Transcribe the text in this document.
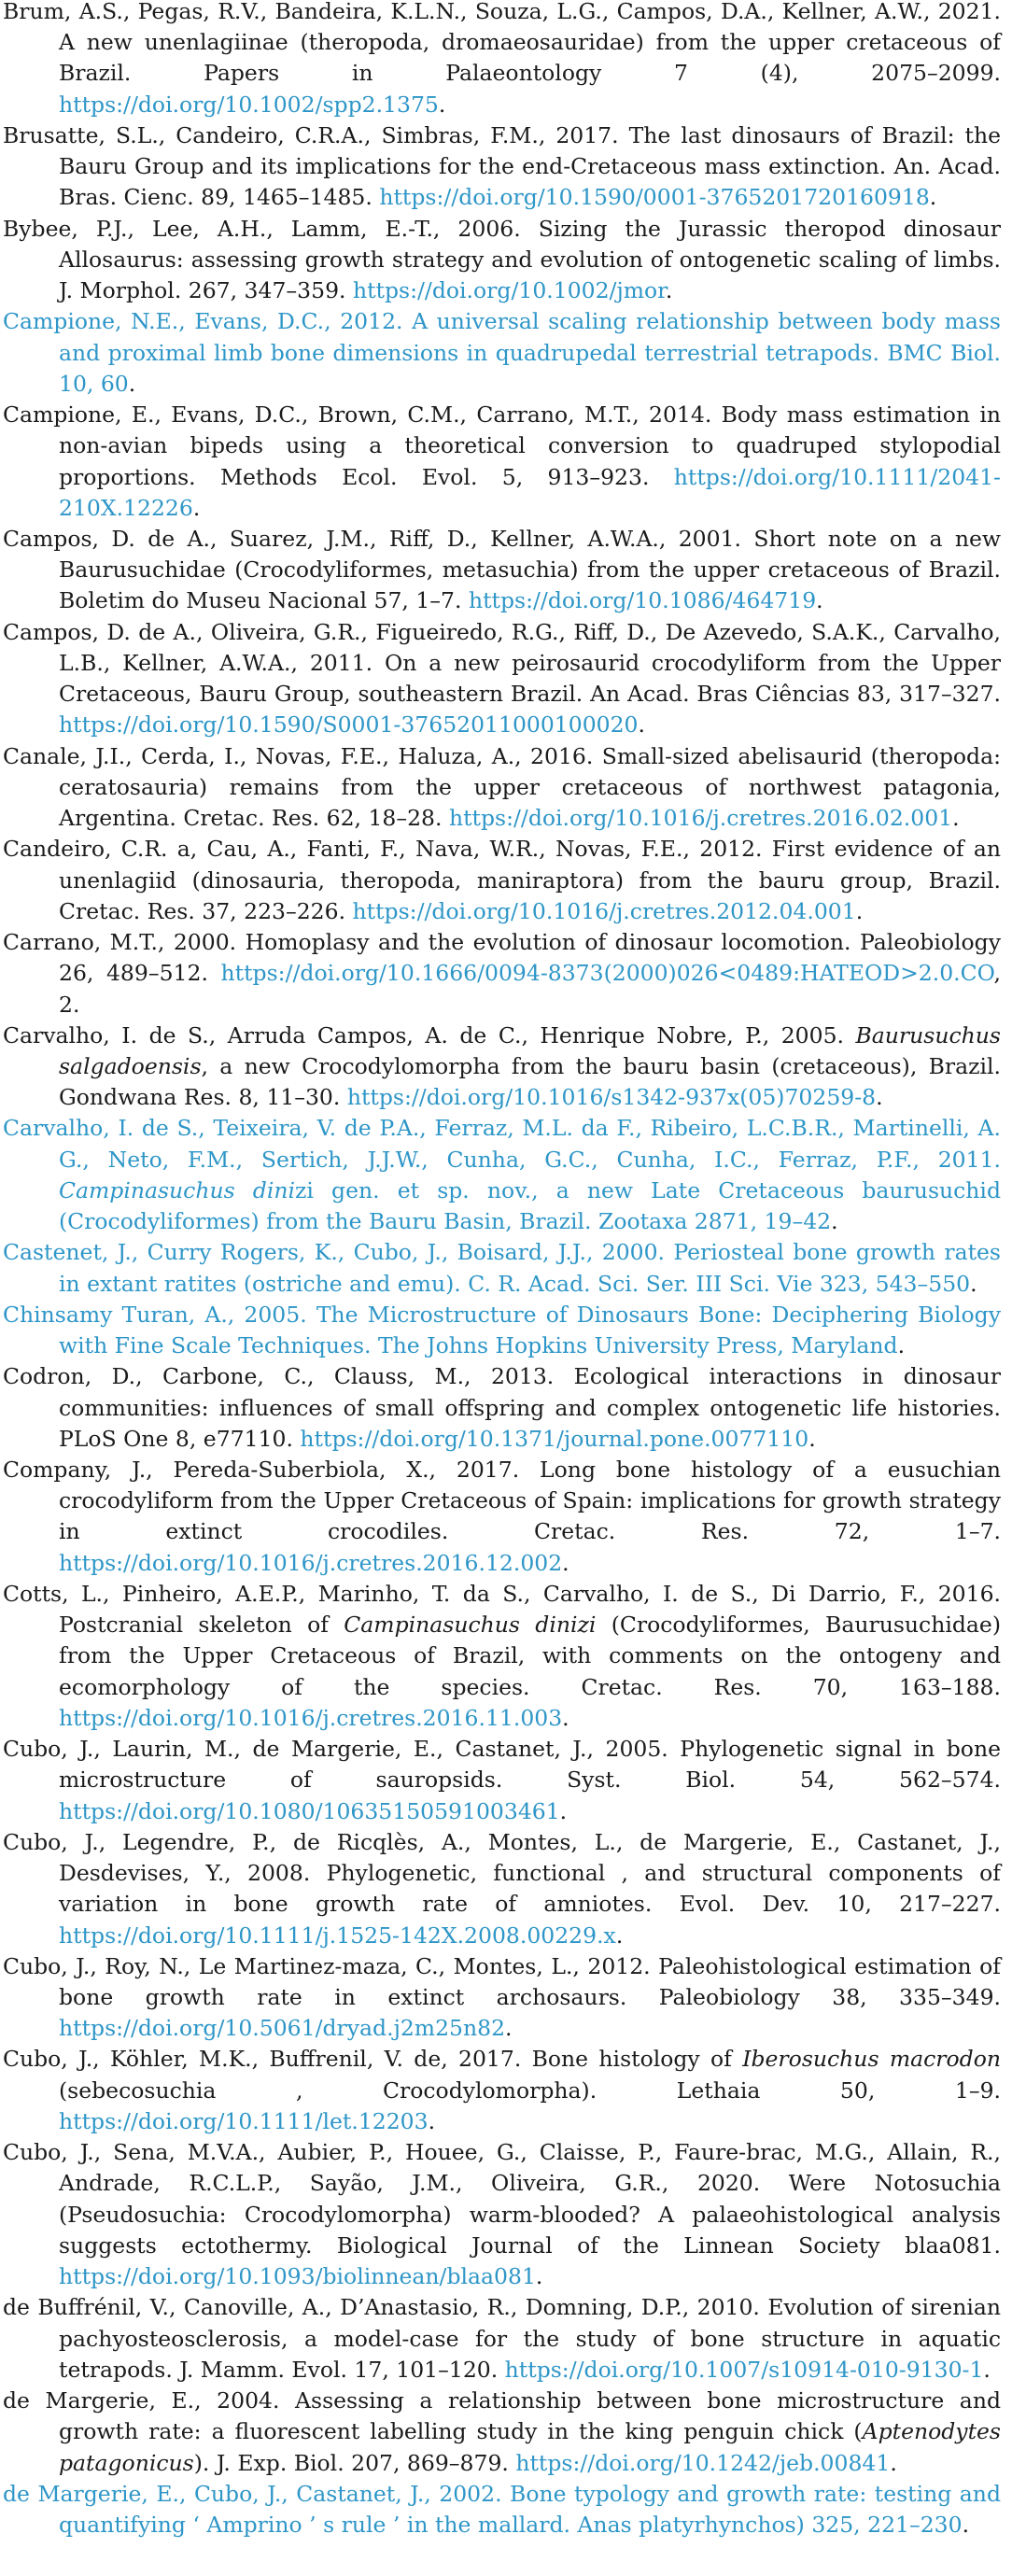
Brum, A.S., Pegas, R.V., Bandeira, K.L.N., Souza, L.G., Campos, D.A., Kellner, A.W., 2021. A new unenlagiinae (theropoda, dromaeosauridae) from the upper cretaceous of Brazil. Papers in Palaeontology 7 (4), 2075–2099. https://doi.org/10.1002/spp2.1375.

Brusatte, S.L., Candeiro, C.R.A., Simbras, F.M., 2017. The last dinosaurs of Brazil: the Bauru Group and its implications for the end-Cretaceous mass extinction. An. Acad. Bras. Cienc. 89, 1465–1485. https://doi.org/10.1590/0001-3765201720160918.

Bybee, P.J., Lee, A.H., Lamm, E.-T., 2006. Sizing the Jurassic theropod dinosaur Allosaurus: assessing growth strategy and evolution of ontogenetic scaling of limbs. J. Morphol. 267, 347–359. https://doi.org/10.1002/jmor.

Campione, N.E., Evans, D.C., 2012. A universal scaling relationship between body mass and proximal limb bone dimensions in quadrupedal terrestrial tetrapods. BMC Biol. 10, 60.

Campione, E., Evans, D.C., Brown, C.M., Carrano, M.T., 2014. Body mass estimation in non-avian bipeds using a theoretical conversion to quadruped stylopodial proportions. Methods Ecol. Evol. 5, 913–923. https://doi.org/10.1111/2041-210X.12226.

Campos, D. de A., Suarez, J.M., Riff, D., Kellner, A.W.A., 2001. Short note on a new Baurusuchidae (Crocodyliformes, metasuchia) from the upper cretaceous of Brazil. Boletim do Museu Nacional 57, 1–7. https://doi.org/10.1086/464719.

Campos, D. de A., Oliveira, G.R., Figueiredo, R.G., Riff, D., De Azevedo, S.A.K., Carvalho, L.B., Kellner, A.W.A., 2011. On a new peirosaurid crocodyliform from the Upper Cretaceous, Bauru Group, southeastern Brazil. An Acad. Bras Ciências 83, 317–327. https://doi.org/10.1590/S0001-37652011000100020.

Canale, J.I., Cerda, I., Novas, F.E., Haluza, A., 2016. Small-sized abelisaurid (theropoda: ceratosauria) remains from the upper cretaceous of northwest patagonia, Argentina. Cretac. Res. 62, 18–28. https://doi.org/10.1016/j.cretres.2016.02.001.

Candeiro, C.R. a, Cau, A., Fanti, F., Nava, W.R., Novas, F.E., 2012. First evidence of an unenlagiid (dinosauria, theropoda, maniraptora) from the bauru group, Brazil. Cretac. Res. 37, 223–226. https://doi.org/10.1016/j.cretres.2012.04.001.

Carrano, M.T., 2000. Homoplasy and the evolution of dinosaur locomotion. Paleobiology 26, 489–512. https://doi.org/10.1666/0094-8373(2000)026<0489:HATEOD>2.0.CO, 2.

Carvalho, I. de S., Arruda Campos, A. de C., Henrique Nobre, P., 2005. Baurusuchus salgadoensis, a new Crocodylomorpha from the bauru basin (cretaceous), Brazil. Gondwana Res. 8, 11–30. https://doi.org/10.1016/s1342-937x(05)70259-8.

Carvalho, I. de S., Teixeira, V. de P.A., Ferraz, M.L. da F., Ribeiro, L.C.B.R., Martinelli, A. G., Neto, F.M., Sertich, J.J.W., Cunha, G.C., Cunha, I.C., Ferraz, P.F., 2011. Campinasuchus dinizi gen. et sp. nov., a new Late Cretaceous baurusuchid (Crocodyliformes) from the Bauru Basin, Brazil. Zootaxa 2871, 19–42.

Castenet, J., Curry Rogers, K., Cubo, J., Boisard, J.J., 2000. Periosteal bone growth rates in extant ratites (ostriche and emu). C. R. Acad. Sci. Ser. III Sci. Vie 323, 543–550.

Chinsamy Turan, A., 2005. The Microstructure of Dinosaurs Bone: Deciphering Biology with Fine Scale Techniques. The Johns Hopkins University Press, Maryland.

Codron, D., Carbone, C., Clauss, M., 2013. Ecological interactions in dinosaur communities: influences of small offspring and complex ontogenetic life histories. PLoS One 8, e77110. https://doi.org/10.1371/journal.pone.0077110.

Company, J., Pereda-Suberbiola, X., 2017. Long bone histology of a eusuchian crocodyliform from the Upper Cretaceous of Spain: implications for growth strategy in extinct crocodiles. Cretac. Res. 72, 1–7. https://doi.org/10.1016/j.cretres.2016.12.002.

Cotts, L., Pinheiro, A.E.P., Marinho, T. da S., Carvalho, I. de S., Di Darrio, F., 2016. Postcranial skeleton of Campinasuchus dinizi (Crocodyliformes, Baurusuchidae) from the Upper Cretaceous of Brazil, with comments on the ontogeny and ecomorphology of the species. Cretac. Res. 70, 163–188. https://doi.org/10.1016/j.cretres.2016.11.003.

Cubo, J., Laurin, M., de Margerie, E., Castanet, J., 2005. Phylogenetic signal in bone microstructure of sauropsids. Syst. Biol. 54, 562–574. https://doi.org/10.1080/10635150591003461.

Cubo, J., Legendre, P., de Ricqlès, A., Montes, L., de Margerie, E., Castanet, J., Desdevises, Y., 2008. Phylogenetic, functional , and structural components of variation in bone growth rate of amniotes. Evol. Dev. 10, 217–227. https://doi.org/10.1111/j.1525-142X.2008.00229.x.

Cubo, J., Roy, N., Le Martinez-maza, C., Montes, L., 2012. Paleohistological estimation of bone growth rate in extinct archosaurs. Paleobiology 38, 335–349. https://doi.org/10.5061/dryad.j2m25n82.

Cubo, J., Köhler, M.K., Buffrenil, V. de, 2017. Bone histology of Iberosuchus macrodon (sebecosuchia , Crocodylomorpha). Lethaia 50, 1–9. https://doi.org/10.1111/let.12203.

Cubo, J., Sena, M.V.A., Aubier, P., Houee, G., Claisse, P., Faure-brac, M.G., Allain, R., Andrade, R.C.L.P., Sayão, J.M., Oliveira, G.R., 2020. Were Notosuchia (Pseudosuchia: Crocodylomorpha) warm-blooded? A palaeohistological analysis suggests ectothermy. Biological Journal of the Linnean Society blaa081. https://doi.org/10.1093/biolinnean/blaa081.

de Buffrénil, V., Canoville, A., D’Anastasio, R., Domning, D.P., 2010. Evolution of sirenian pachyosteosclerosis, a model-case for the study of bone structure in aquatic tetrapods. J. Mamm. Evol. 17, 101–120. https://doi.org/10.1007/s10914-010-9130-1.

de Margerie, E., 2004. Assessing a relationship between bone microstructure and growth rate: a fluorescent labelling study in the king penguin chick (Aptenodytes patagonicus). J. Exp. Biol. 207, 869–879. https://doi.org/10.1242/jeb.00841.

de Margerie, E., Cubo, J., Castanet, J., 2002. Bone typology and growth rate: testing and quantifying ‘ Amprino ’ s rule ’ in the mallard. Anas platyrhynchos) 325, 221–230.
